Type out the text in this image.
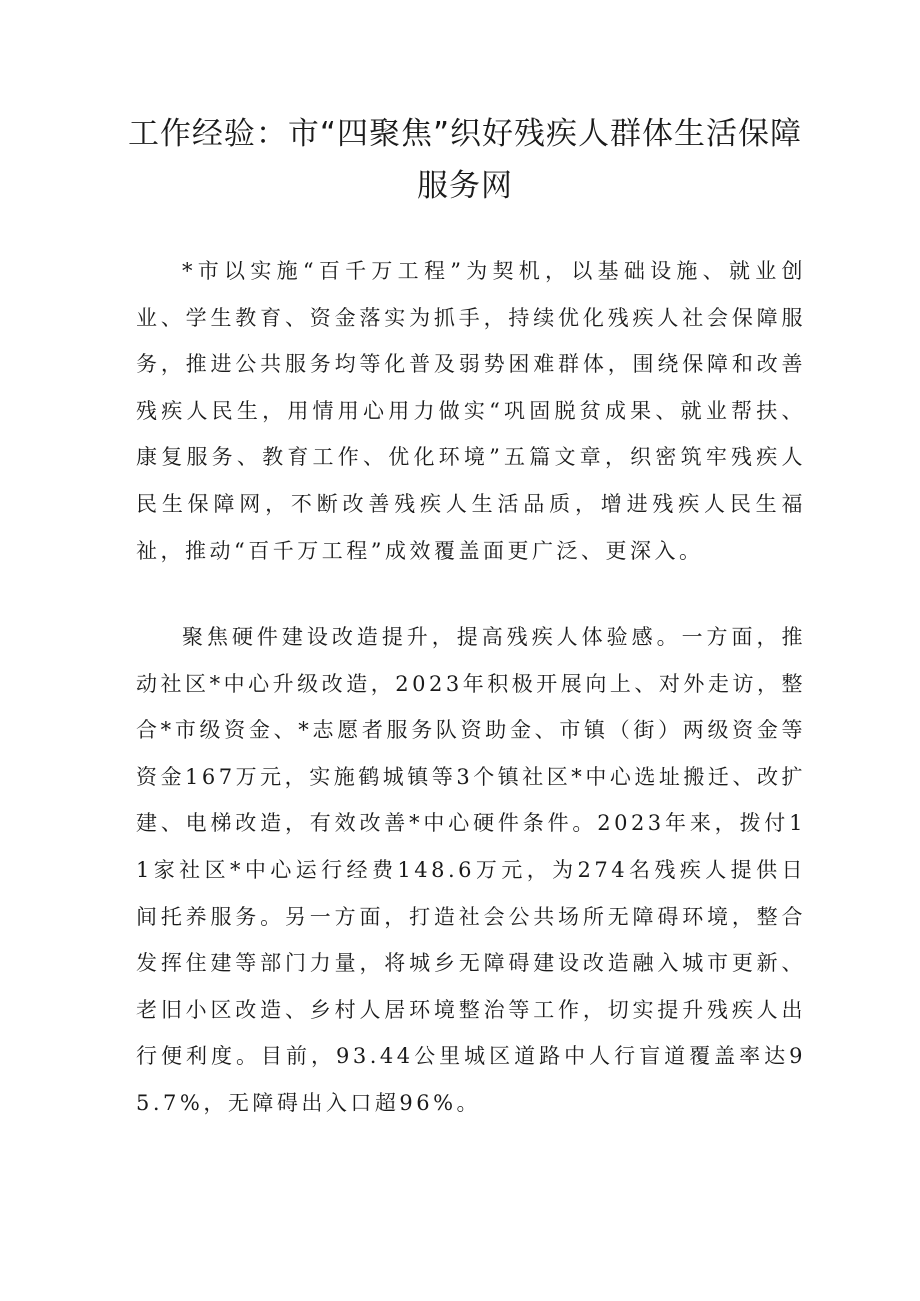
工作经验：市“四聚焦”织好残疾人群体生活保障服务网

*市以实施“百千万工程”为契机，以基础设施、就业创业、学生教育、资金落实为抓手，持续优化残疾人社会保障服务，推进公共服务均等化普及弱势困难群体，围绕保障和改善残疾人民生，用情用心用力做实“巩固脱贫成果、就业帮扶、康复服务、教育工作、优化环境”五篇文章，织密筑牢残疾人民生保障网，不断改善残疾人生活品质，增进残疾人民生福祉，推动“百千万工程”成效覆盖面更广泛、更深入。

聚焦硬件建设改造提升，提高残疾人体验感。一方面，推动社区*中心升级改造，2023年积极开展向上、对外走访，整合*市级资金、*志愿者服务队资助金、市镇（街）两级资金等资金167万元，实施鹤城镇等3个镇社区*中心选址搬迁、改扩建、电梯改造，有效改善*中心硬件条件。2023年来，拨付11家社区*中心运行经费148.6万元，为274名残疾人提供日间托养服务。另一方面，打造社会公共场所无障碍环境，整合发挥住建等部门力量，将城乡无障碍建设改造融入城市更新、老旧小区改造、乡村人居环境整治等工作，切实提升残疾人出行便利度。目前，93.44公里城区道路中人行盲道覆盖率达95.7%，无障碍出入口超96%。
